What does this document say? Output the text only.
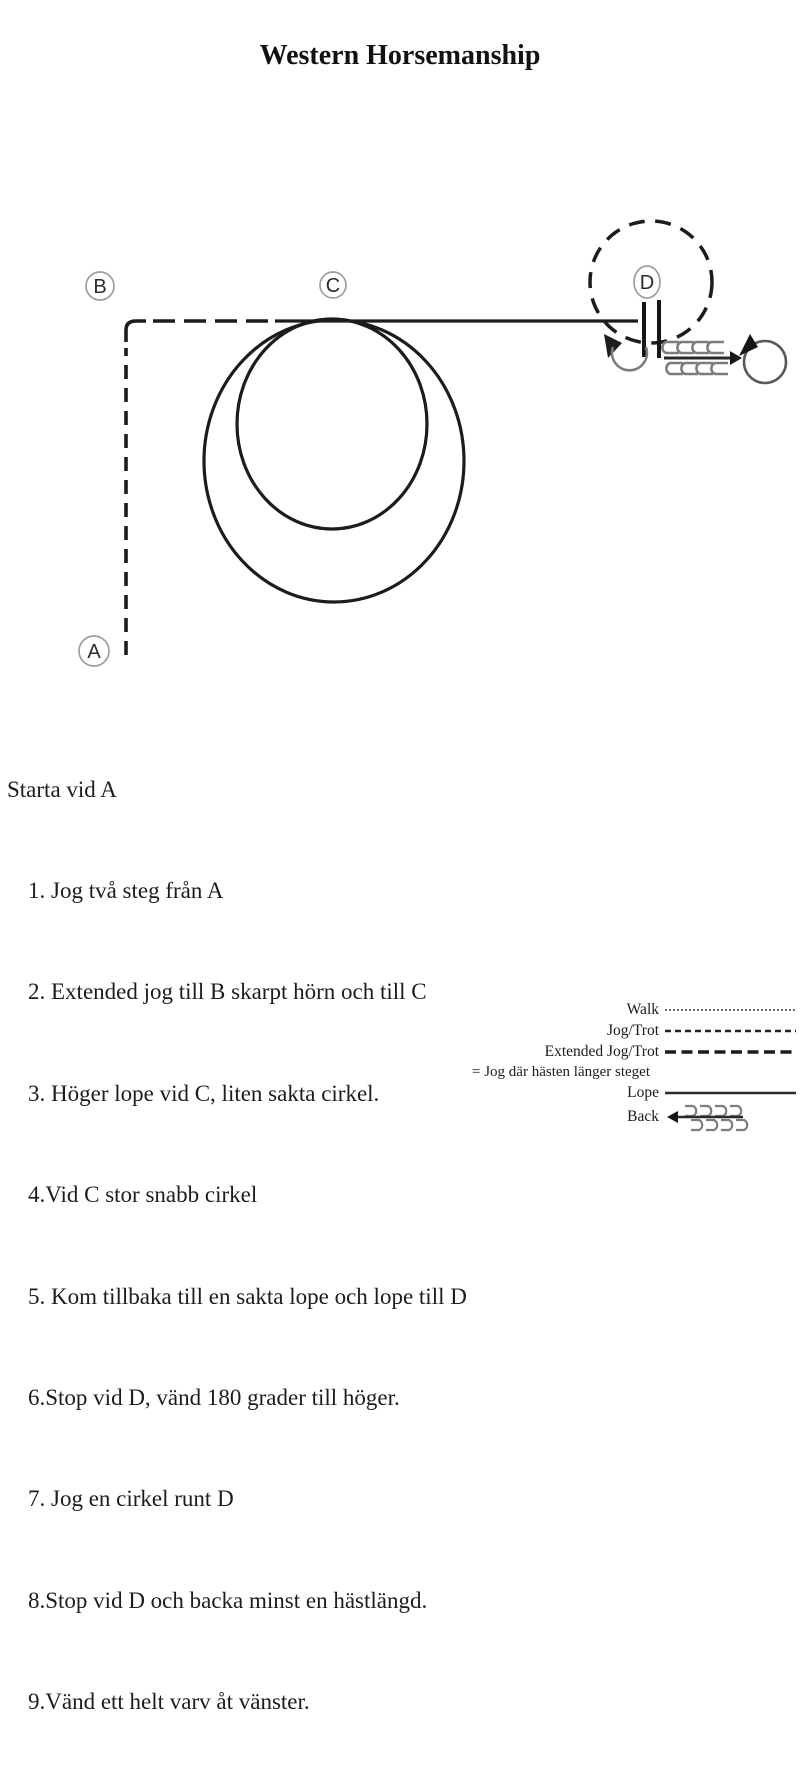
Western Horsemanship
B	C	D
A

Starta vid A

1. Jog två steg från A

2. Extended jog till B skarpt hörn och till C

3. Höger lope vid C, liten sakta cirkel.

4.Vid C stor snabb cirkel

5. Kom tillbaka till en sakta lope och lope till D

6.Stop vid D, vänd 180 grader till höger.

7. Jog en cirkel runt D

8.Stop vid D och backa minst en hästlängd.

9.Vänd ett helt varv åt vänster.

Walk
Jog/Trot
Extended Jog/Trot
= Jog där hästen länger steget
Lope
Back
